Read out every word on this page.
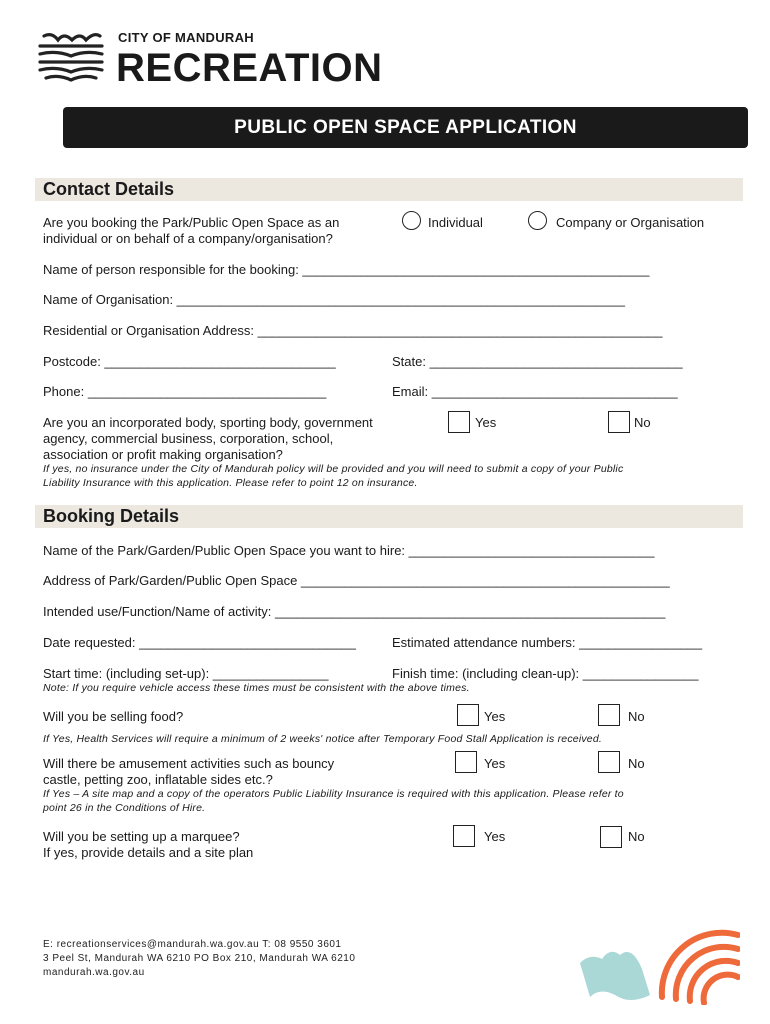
CITY OF MANDURAH
RECREATION
PUBLIC OPEN SPACE APPLICATION
Contact Details
Are you booking the Park/Public Open Space as an
individual or on behalf of a company/organisation?
Individual	Company or Organisation
Name of person responsible for the booking: ________________________________________________
Name of Organisation: ______________________________________________________________
Residential or Organisation Address: ________________________________________________________
Postcode: ________________________________	State: ___________________________________
Phone: _________________________________	Email: __________________________________
Are you an incorporated body, sporting body, government
agency, commercial business, corporation, school,
association or profit making organisation?
Yes	No
If yes, no insurance under the City of Mandurah policy will be provided and you will need to submit a copy of your Public
Liability Insurance with this application. Please refer to point 12 on insurance.
Booking Details
Name of the Park/Garden/Public Open Space you want to hire: __________________________________
Address of Park/Garden/Public Open Space ___________________________________________________
Intended use/Function/Name of activity: ______________________________________________________
Date requested: ______________________________	Estimated attendance numbers: _________________
Start time: (including set-up): ________________	Finish time: (including clean-up): ________________
Note: If you require vehicle access these times must be consistent with the above times.
Will you be selling food?	Yes	No
If Yes, Health Services will require a minimum of 2 weeks' notice after Temporary Food Stall Application is received.
Will there be amusement activities such as bouncy
castle, petting zoo, inflatable sides etc.?
Yes	No
If Yes – A site map and a copy of the operators Public Liability Insurance is required with this application. Please refer to
point 26 in the Conditions of Hire.
Will you be setting up a marquee?
If yes, provide details and a site plan
Yes	No
E: recreationservices@mandurah.wa.gov.au T: 08 9550 3601
3 Peel St, Mandurah WA 6210 PO Box 210, Mandurah WA 6210
mandurah.wa.gov.au
